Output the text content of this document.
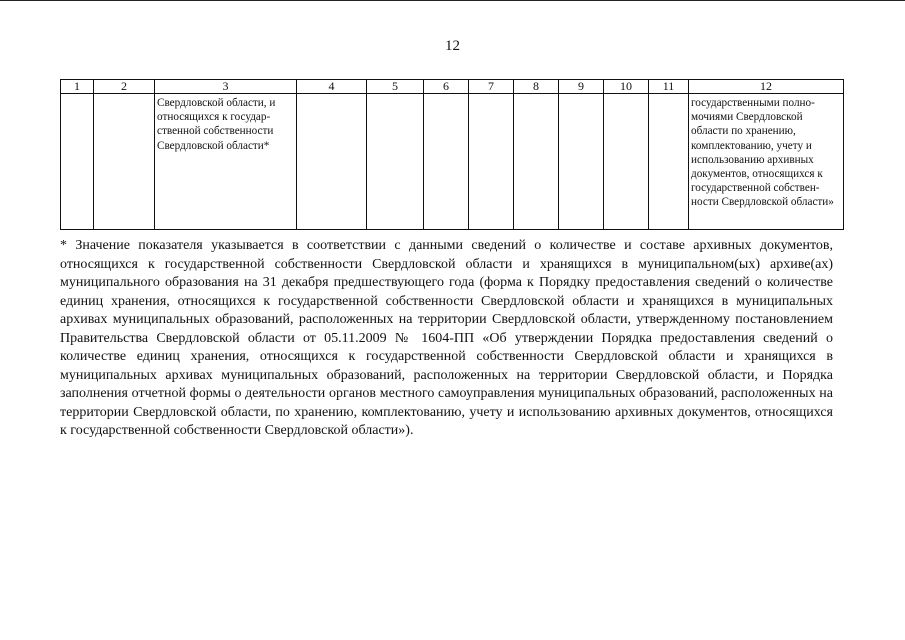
12
1	2	3	4	5	6	7	8	9	10	11	12

		Свердловской области, и относящихся к государ-ственной собственности Свердловской области*									государственными полно-мочиями Свердловской области по хранению, комплектованию, учету и использованию архивных документов, относящихся к государственной собствен-ности Свердловской области»
* Значение показателя указывается в соответствии с данными сведений о количестве и составе архивных документов, относящихся к государственной собственности Свердловской области и хранящихся в муниципальном(ых) архиве(ах) муниципального образования на 31 декабря предшествующего года (форма к Порядку предоставления сведений о количестве единиц хранения, относящихся к государственной собственности Свердловской области и хранящихся в муниципальных архивах муниципальных образований, расположенных на территории Свердловской области, утвержденному постановлением Правительства Свердловской области от 05.11.2009 № 1604-ПП «Об утверждении Порядка предоставления сведений о количестве единиц хранения, относящихся к государственной собственности Свердловской области и хранящихся в муниципальных архивах муниципальных образований, расположенных на территории Свердловской области, и Порядка заполнения отчетной формы о деятельности органов местного самоуправления муниципальных образований, расположенных на территории Свердловской области, по хранению, комплектованию, учету и использованию архивных документов, относящихся к государственной собственности Свердловской области»).
